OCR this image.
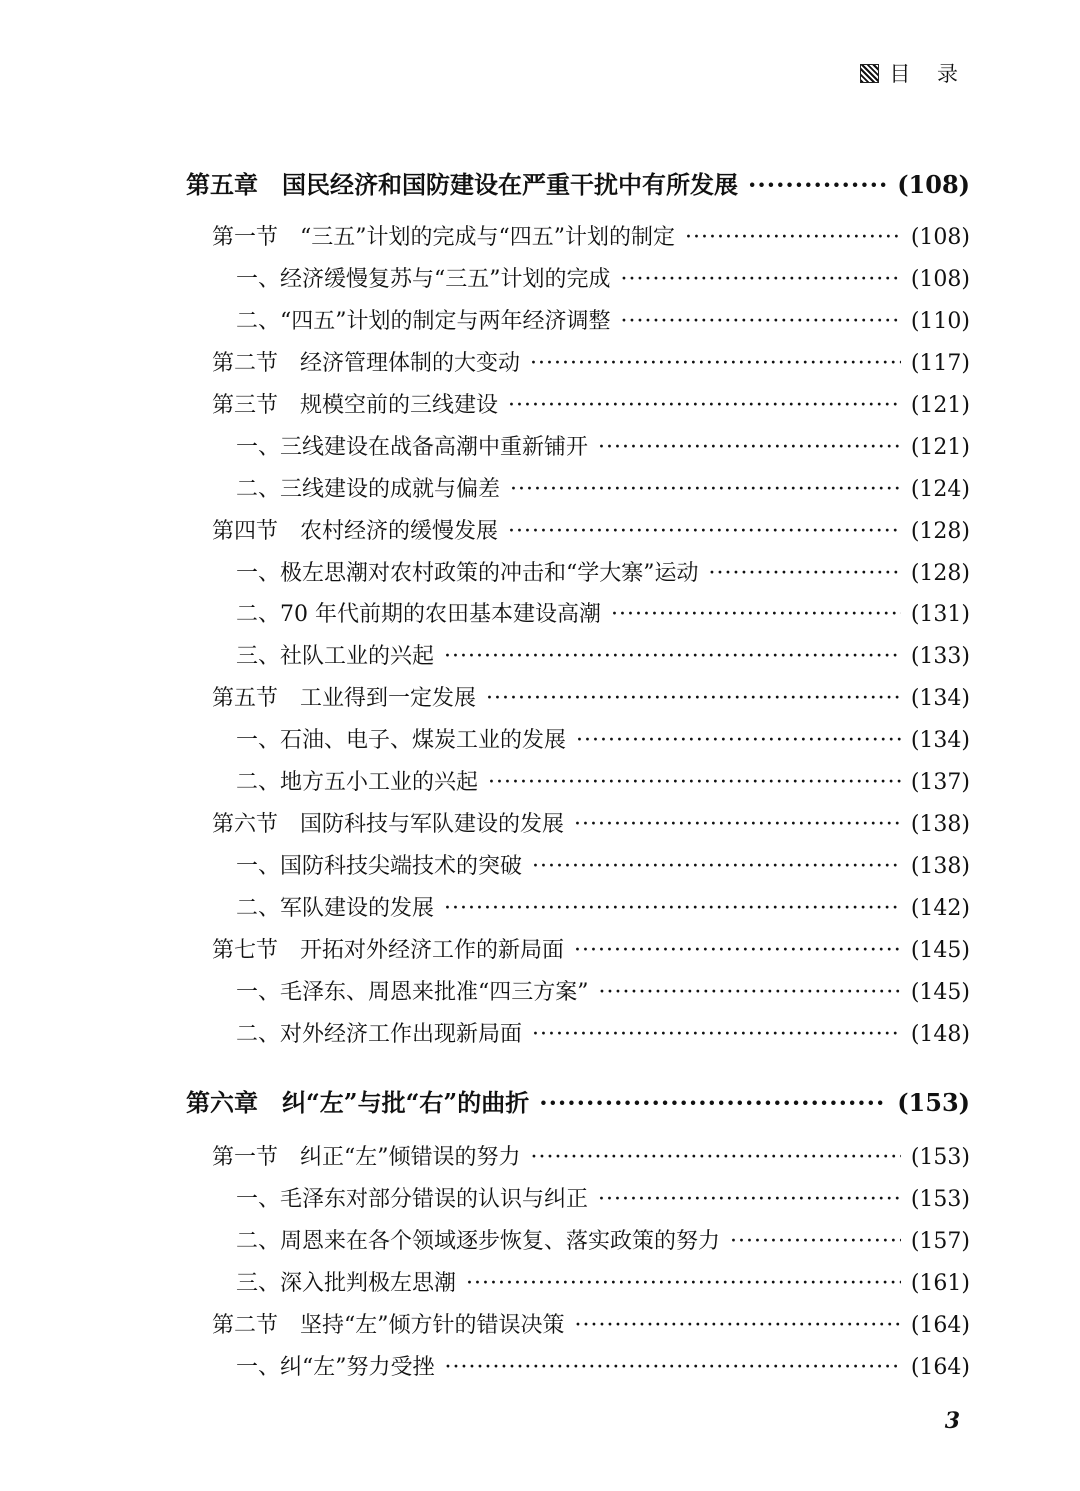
目 录
第五章　国民经济和国防建设在严重干扰中有所发展 ·····	(108)
第一节　“三五”计划的完成与“四五”计划的制定 ·····	(108)
一、经济缓慢复苏与“三五”计划的完成 ·····	(108)
二、“四五”计划的制定与两年经济调整 ·····	(110)
第二节　经济管理体制的大变动 ·····	(117)
第三节　规模空前的三线建设 ·····	(121)
一、三线建设在战备高潮中重新铺开 ·····	(121)
二、三线建设的成就与偏差 ·····	(124)
第四节　农村经济的缓慢发展 ·····	(128)
一、极左思潮对农村政策的冲击和“学大寨”运动 ·····	(128)
二、70 年代前期的农田基本建设高潮 ·····	(131)
三、社队工业的兴起 ·····	(133)
第五节　工业得到一定发展 ·····	(134)
一、石油、电子、煤炭工业的发展 ·····	(134)
二、地方五小工业的兴起 ·····	(137)
第六节　国防科技与军队建设的发展 ·····	(138)
一、国防科技尖端技术的突破 ·····	(138)
二、军队建设的发展 ·····	(142)
第七节　开拓对外经济工作的新局面 ·····	(145)
一、毛泽东、周恩来批准“四三方案” ·····	(145)
二、对外经济工作出现新局面 ·····	(148)
第六章　纠“左”与批“右”的曲折 ·····	(153)
第一节　纠正“左”倾错误的努力 ·····	(153)
一、毛泽东对部分错误的认识与纠正 ·····	(153)
二、周恩来在各个领域逐步恢复、落实政策的努力 ·····	(157)
三、深入批判极左思潮 ·····	(161)
第二节　坚持“左”倾方针的错误决策 ·····	(164)
一、纠“左”努力受挫 ·····	(164)
3
